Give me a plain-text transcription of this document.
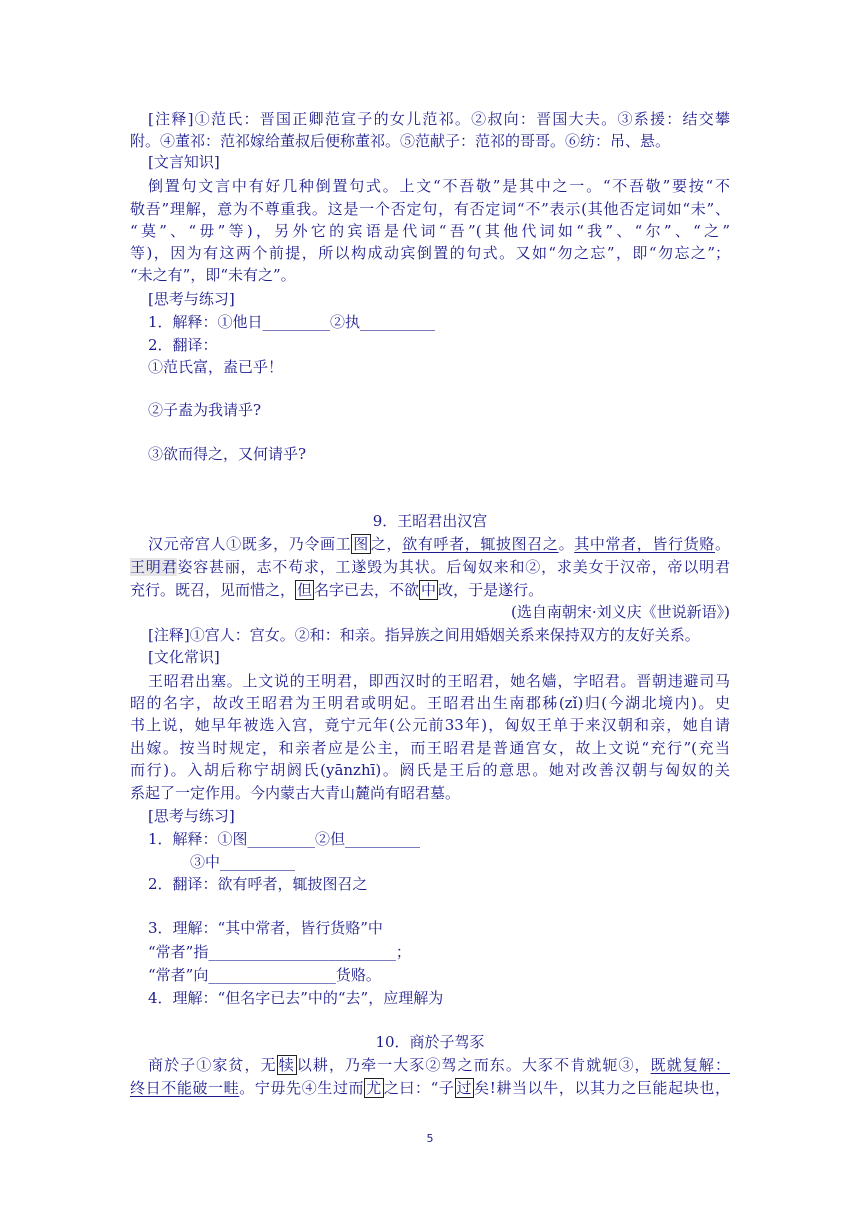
[注释]①范氏：晋国正卿范宣子的女儿范祁。②叔向：晋国大夫。③系援：结交攀
附。④董祁：范祁嫁给董叔后便称董祁。⑤范献子：范祁的哥哥。⑥纺：吊、悬。
[文言知识]
倒置句文言中有好几种倒置句式。上文“不吾敬”是其中之一。“不吾敬”要按“不
敬吾”理解，意为不尊重我。这是一个否定句，有否定词“不”表示(其他否定词如“未”、
“莫”、“毋”等)，另外它的宾语是代词“吾”(其他代词如“我”、“尔”、“之”
等)，因为有这两个前提，所以构成动宾倒置的句式。又如“勿之忘”，即“勿忘之”；
“未之有”，即“未有之”。
[思考与练习]
1．解释：①他日_________②执__________
2．翻译：
①范氏富，盍已乎！
②子盍为我请乎?
③欲而得之，又何请乎?
9．王昭君出汉宫
汉元帝宫人①既多，乃令画工 图 之，欲有呼者，辄披图召之。其中常者，皆行货赂。
王明君姿容甚丽，志不苟求，工遂毁为其状。后匈奴来和②，求美女于汉帝，帝以明君
充行。既召，见而惜之， 但 名字已去，不欲 中 改，于是遂行。
(选自南朝宋·刘义庆《世说新语》)
[注释]①宫人：宫女。②和：和亲。指异族之间用婚姻关系来保持双方的友好关系。
[文化常识]
王昭君出塞。上文说的王明君，即西汉时的王昭君，她名嫱，字昭君。晋朝违避司马
昭的名字，故改王昭君为王明君或明妃。王昭君出生南郡秭(zǐ)归(今湖北境内)。史
书上说，她早年被选入宫，竟宁元年(公元前33年)，匈奴王单于来汉朝和亲，她自请
出嫁。按当时规定，和亲者应是公主，而王昭君是普通宫女，故上文说“充行”(充当
而行)。入胡后称宁胡阏氏(yānzhī)。阏氏是王后的意思。她对改善汉朝与匈奴的关
系起了一定作用。今内蒙古大青山麓尚有昭君墓。
[思考与练习]
1．解释：①图_________②但__________
③中__________
2．翻译：欲有呼者，辄披图召之
3．理解：“其中常者，皆行货赂”中
“常者”指_________________________；
“常者”向_________________货赂。
4．理解：“但名字已去”中的“去”，应理解为
10．商於子驾豕
商於子①家贫，无 犊 以耕，乃牵一大豕②驾之而东。大豕不肯就轭③，既就复解：
终日不能破一畦。宁毋先④生过而 尤 之曰：“子 过 矣!耕当以牛，以其力之巨能起块也，
5
